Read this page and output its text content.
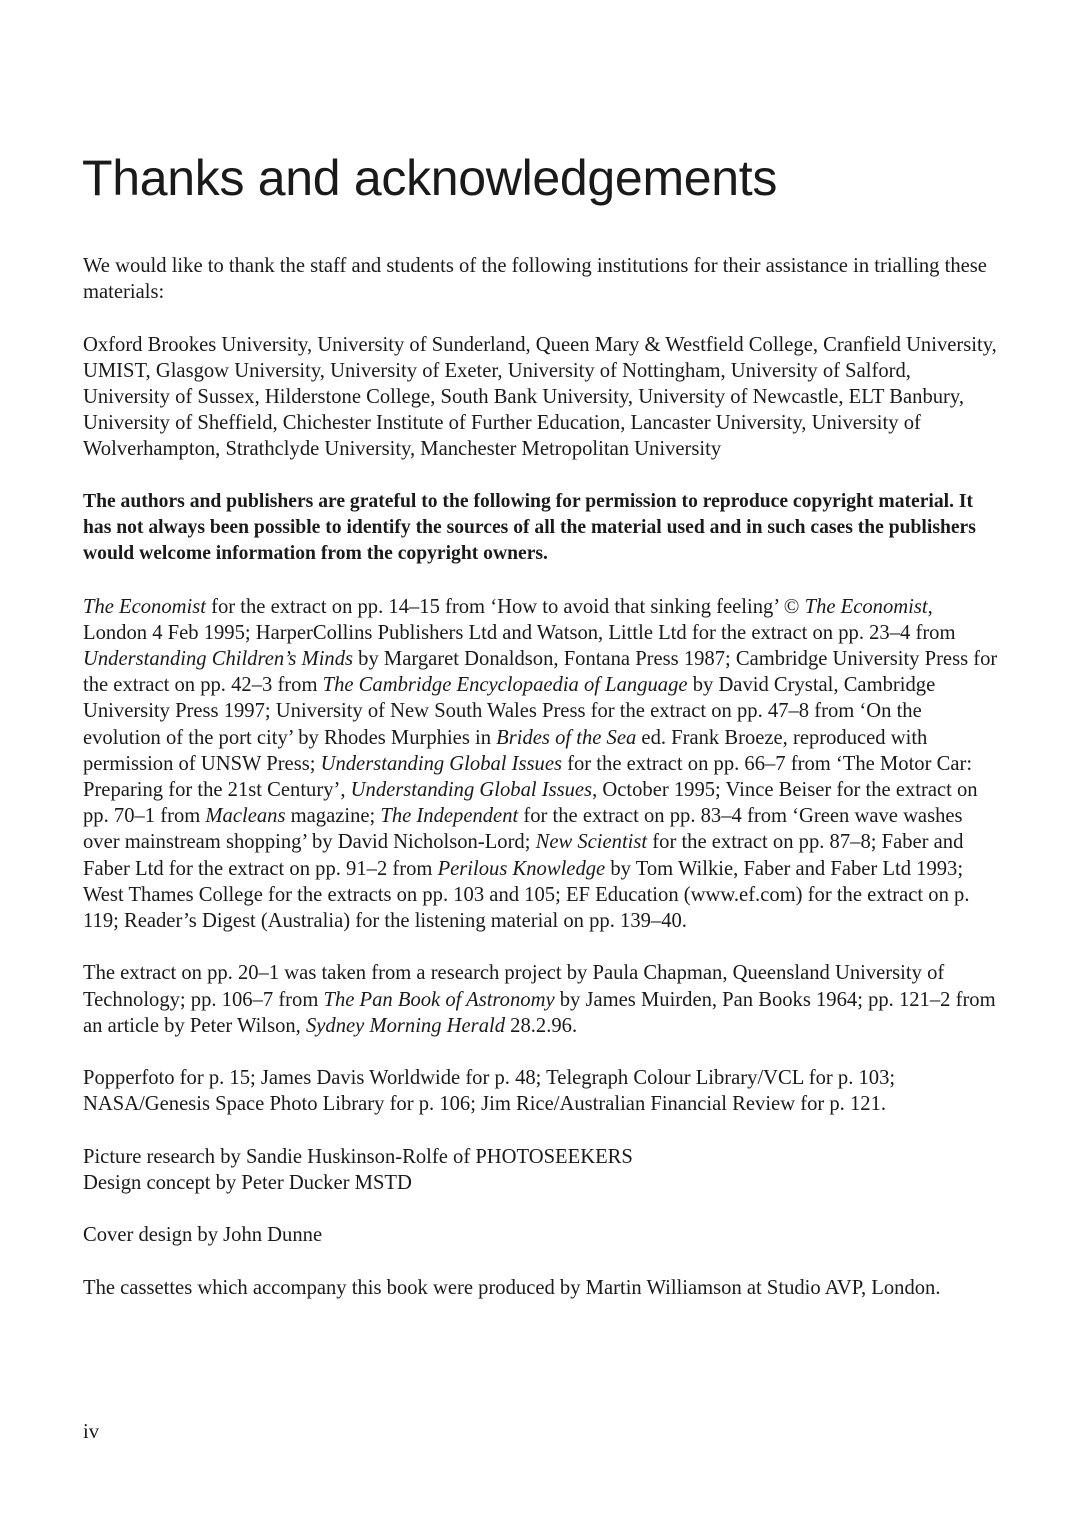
Thanks and acknowledgements

We would like to thank the staff and students of the following institutions for their assistance in trialling these materials:

Oxford Brookes University, University of Sunderland, Queen Mary & Westfield College, Cranfield University, UMIST, Glasgow University, University of Exeter, University of Nottingham, University of Salford, University of Sussex, Hilderstone College, South Bank University, University of Newcastle, ELT Banbury, University of Sheffield, Chichester Institute of Further Education, Lancaster University, University of Wolverhampton, Strathclyde University, Manchester Metropolitan University

The authors and publishers are grateful to the following for permission to reproduce copyright material. It has not always been possible to identify the sources of all the material used and in such cases the publishers would welcome information from the copyright owners.

The Economist for the extract on pp. 14–15 from ‘How to avoid that sinking feeling’ © The Economist, London 4 Feb 1995; HarperCollins Publishers Ltd and Watson, Little Ltd for the extract on pp. 23–4 from Understanding Children’s Minds by Margaret Donaldson, Fontana Press 1987; Cambridge University Press for the extract on pp. 42–3 from The Cambridge Encyclopaedia of Language by David Crystal, Cambridge University Press 1997; University of New South Wales Press for the extract on pp. 47–8 from ‘On the evolution of the port city’ by Rhodes Murphies in Brides of the Sea ed. Frank Broeze, reproduced with permission of UNSW Press; Understanding Global Issues for the extract on pp. 66–7 from ‘The Motor Car: Preparing for the 21st Century’, Understanding Global Issues, October 1995; Vince Beiser for the extract on pp. 70–1 from Macleans magazine; The Independent for the extract on pp. 83–4 from ‘Green wave washes over mainstream shopping’ by David Nicholson-Lord; New Scientist for the extract on pp. 87–8; Faber and Faber Ltd for the extract on pp. 91–2 from Perilous Knowledge by Tom Wilkie, Faber and Faber Ltd 1993; West Thames College for the extracts on pp. 103 and 105; EF Education (www.ef.com) for the extract on p. 119; Reader’s Digest (Australia) for the listening material on pp. 139–40.

The extract on pp. 20–1 was taken from a research project by Paula Chapman, Queensland University of Technology; pp. 106–7 from The Pan Book of Astronomy by James Muirden, Pan Books 1964; pp. 121–2 from an article by Peter Wilson, Sydney Morning Herald 28.2.96.

Popperfoto for p. 15; James Davis Worldwide for p. 48; Telegraph Colour Library/VCL for p. 103; NASA/Genesis Space Photo Library for p. 106; Jim Rice/Australian Financial Review for p. 121.

Picture research by Sandie Huskinson-Rolfe of PHOTOSEEKERS

Design concept by Peter Ducker MSTD

Cover design by John Dunne

The cassettes which accompany this book were produced by Martin Williamson at Studio AVP, London.

iv
